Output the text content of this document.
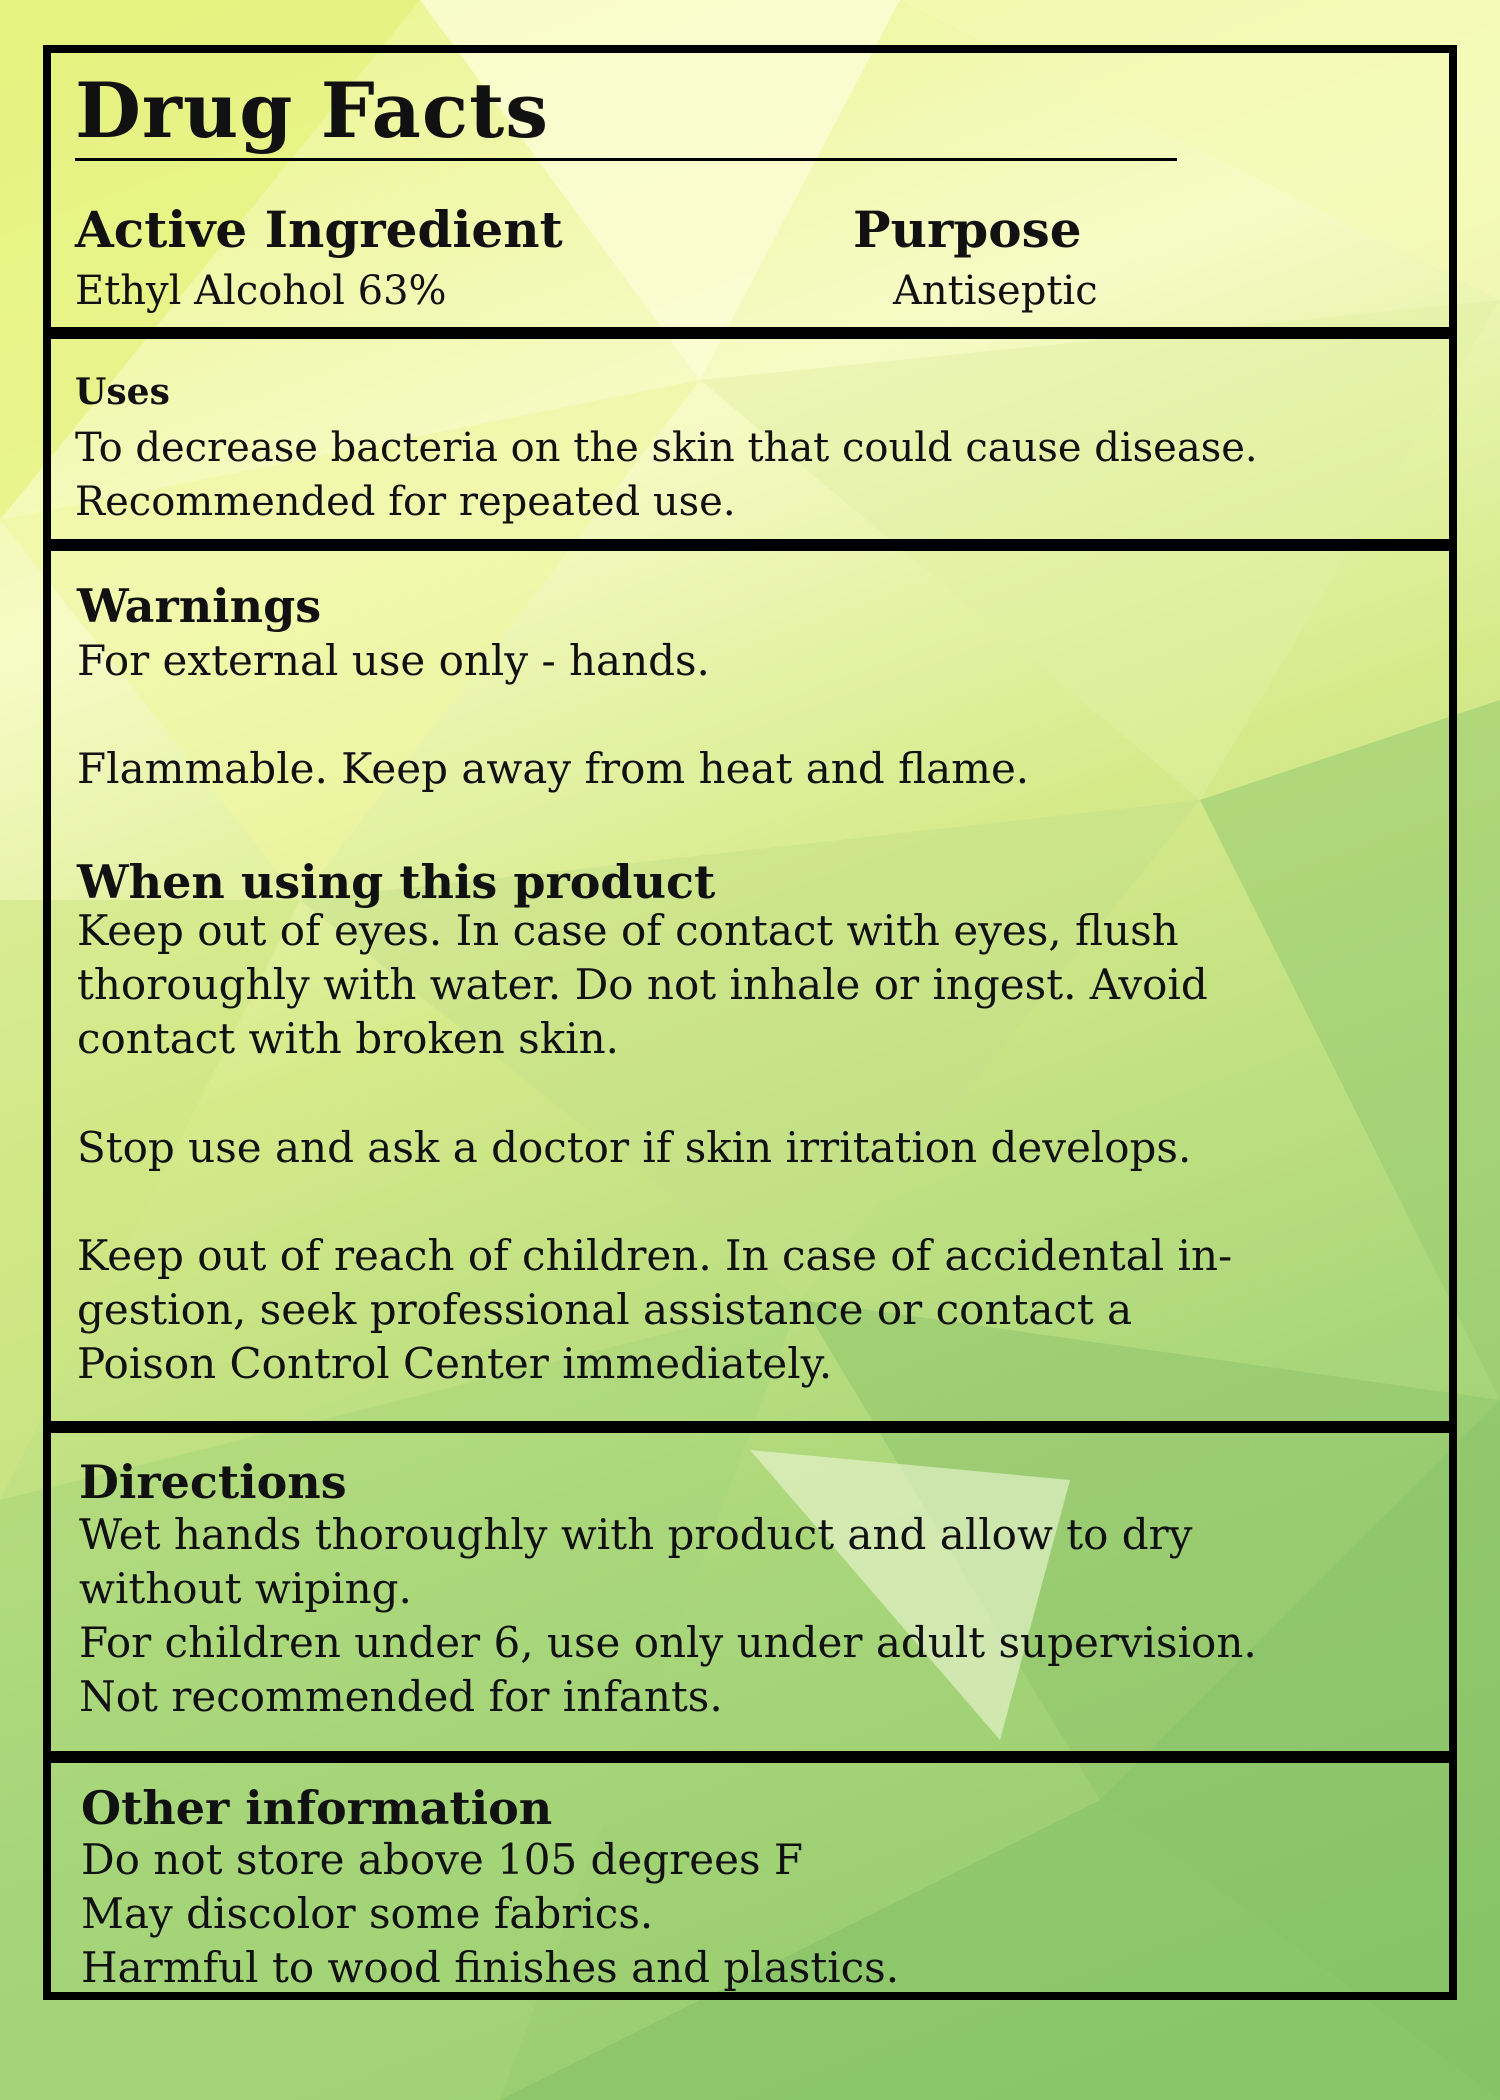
Drug Facts
Active Ingredient

Ethyl Alcohol 63%

Purpose

Antiseptic

Uses

To decrease bacteria on the skin that could cause disease.

Recommended for repeated use.

Warnings

For external use only - hands.

Flammable. Keep away from heat and flame.

When using this product

Keep out of eyes. In case of contact with eyes, flush

thoroughly with water. Do not inhale or ingest. Avoid

contact with broken skin.

Stop use and ask a doctor if skin irritation develops.

Keep out of reach of children. In case of accidental in-

gestion, seek professional assistance or contact a

Poison Control Center immediately.

Directions

Wet hands thoroughly with product and allow to dry

without wiping.

For children under 6, use only under adult supervision.

Not recommended for infants.

Other information

Do not store above 105 degrees F

May discolor some fabrics.

Harmful to wood finishes and plastics.
